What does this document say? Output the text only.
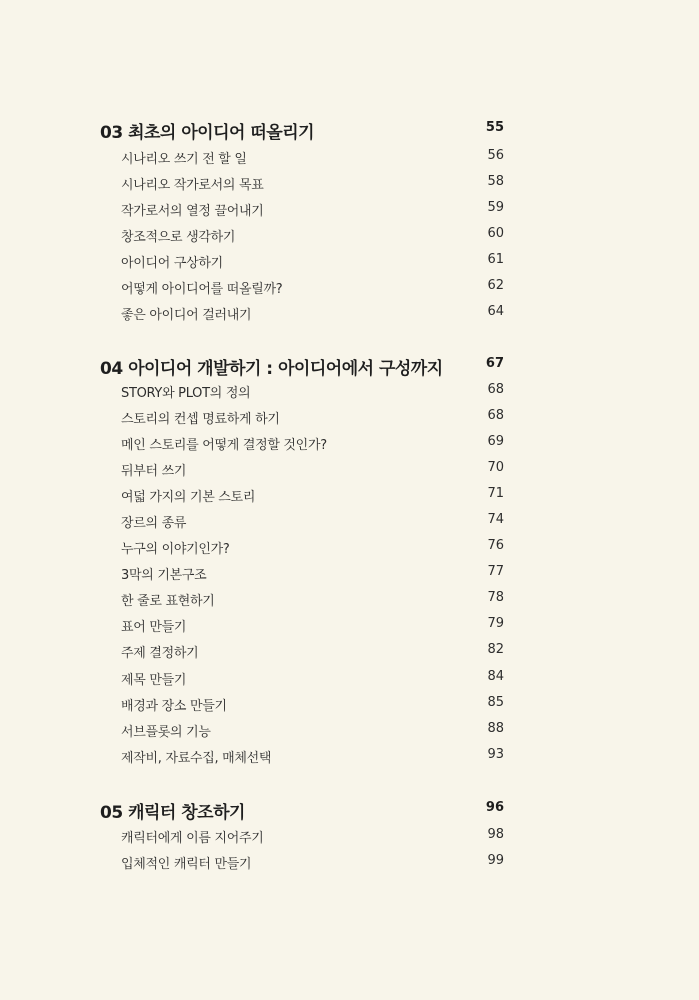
03 최초의 아이디어 떠올리기	55
시나리오 쓰기 전 할 일	56
시나리오 작가로서의 목표	58
작가로서의 열정 끌어내기	59
창조적으로 생각하기	60
아이디어 구상하기	61
어떻게 아이디어를 떠올릴까?	62
좋은 아이디어 걸러내기	64
04 아이디어 개발하기 : 아이디어에서 구성까지	67
STORY와 PLOT의 정의	68
스토리의 컨셉 명료하게 하기	68
메인 스토리를 어떻게 결정할 것인가?	69
뒤부터 쓰기	70
여덟 가지의 기본 스토리	71
장르의 종류	74
누구의 이야기인가?	76
3막의 기본구조	77
한 줄로 표현하기	78
표어 만들기	79
주제 결정하기	82
제목 만들기	84
배경과 장소 만들기	85
서브플롯의 기능	88
제작비, 자료수집, 매체선택	93
05 캐릭터 창조하기	96
캐릭터에게 이름 지어주기	98
입체적인 캐릭터 만들기	99
